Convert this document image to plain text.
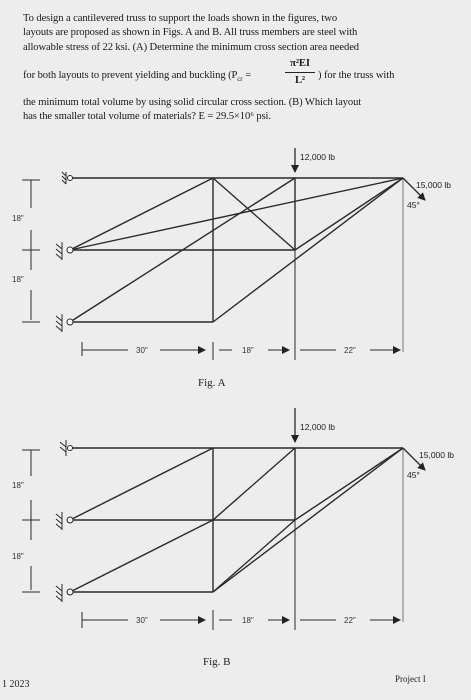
To design a cantilevered truss to support the loads shown in the figures, two

layouts are proposed as shown in Figs. A and B. All truss members are steel with

allowable stress of 22 ksi. (A) Determine the minimum cross section area needed

for both layouts to prevent yielding and buckling ($P_{cr}$ =	$\frac{\text{π²EI}}{\text{L²}}$ ) for the truss with

the minimum total volume by using solid circular cross section. (B) Which layout

has the smaller total volume of materials? E = 29.5×10⁶ psi.

12,000 lb
15,000 lb
45°
18"
18"
30"	18"	22"
Fig. A
12,000 lb
15,000 lb
45°
18"
18"
30"	18"	22"
Fig. B
1 2023	Project I
